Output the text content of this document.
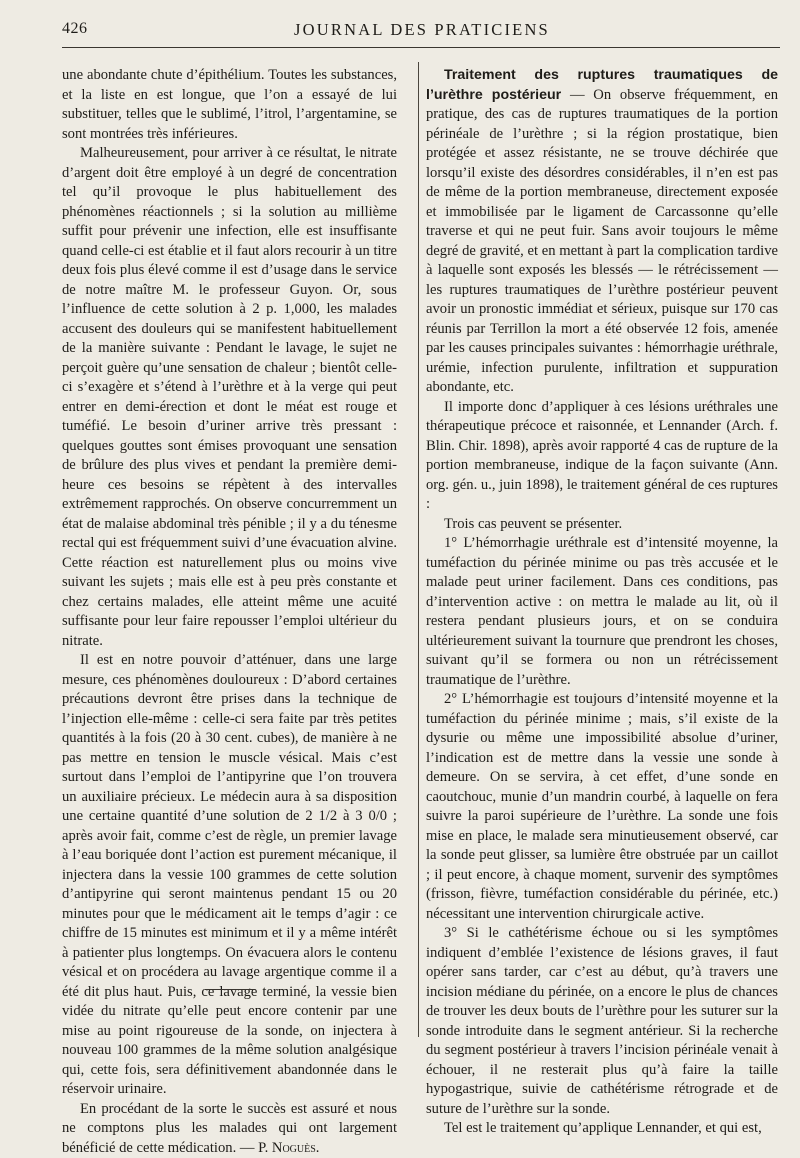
426	JOURNAL DES PRATICIENS

une abondante chute d’épithélium. Toutes les substances, et la liste en est longue, que l’on a essayé de lui substituer, telles que le sublimé, l’itrol, l’argentamine, se sont montrées très inférieures.

Malheureusement, pour arriver à ce résultat, le nitrate d’argent doit être employé à un degré de concentration tel qu’il provoque le plus habituellement des phénomènes réactionnels ; si la solution au millième suffit pour prévenir une infection, elle est insuffisante quand celle-ci est établie et il faut alors recourir à un titre deux fois plus élevé comme il est d’usage dans le service de notre maître M. le professeur Guyon. Or, sous l’influence de cette solution à 2 p. 1,000, les malades accusent des douleurs qui se manifestent habituellement de la manière suivante : Pendant le lavage, le sujet ne perçoit guère qu’une sensation de chaleur ; bientôt celle-ci s’exagère et s’étend à l’urèthre et à la verge qui peut entrer en demi-érection et dont le méat est rouge et tuméfié. Le besoin d’uriner arrive très pressant : quelques gouttes sont émises provoquant une sensation de brûlure des plus vives et pendant la première demi-heure ces besoins se répètent à des intervalles extrêmement rapprochés. On observe concurremment un état de malaise abdominal très pénible ; il y a du ténesme rectal qui est fréquemment suivi d’une évacuation alvine. Cette réaction est naturellement plus ou moins vive suivant les sujets ; mais elle est à peu près constante et chez certains malades, elle atteint même une acuité suffisante pour leur faire repousser l’emploi ultérieur du nitrate.

Il est en notre pouvoir d’atténuer, dans une large mesure, ces phénomènes douloureux : D’abord certaines précautions devront être prises dans la technique de l’injection elle-même : celle-ci sera faite par très petites quantités à la fois (20 à 30 cent. cubes), de manière à ne pas mettre en tension le muscle vésical. Mais c’est surtout dans l’emploi de l’antipyrine que l’on trouvera un auxiliaire précieux. Le médecin aura à sa disposition une certaine quantité d’une solution de 2 1/2 à 3 0/0 ; après avoir fait, comme c’est de règle, un premier lavage à l’eau boriquée dont l’action est purement mécanique, il injectera dans la vessie 100 grammes de cette solution d’antipyrine qui seront maintenus pendant 15 ou 20 minutes pour que le médicament ait le temps d’agir : ce chiffre de 15 minutes est minimum et il y a même intérêt à patienter plus longtemps. On évacuera alors le contenu vésical et on procédera au lavage argentique comme il a été dit plus haut. Puis, ce lavage terminé, la vessie bien vidée du nitrate qu’elle peut encore contenir par une mise au point rigoureuse de la sonde, on injectera à nouveau 100 grammes de la même solution analgésique qui, cette fois, sera définitivement abandonnée dans le réservoir urinaire.

En procédant de la sorte le succès est assuré et nous ne comptons plus les malades qui ont largement bénéficié de cette médication. — P. Noguès.

Traitement des ruptures traumatiques de l’urèthre postérieur — On observe fréquemment, en pratique, des cas de ruptures traumatiques de la portion périnéale de l’urèthre ; si la région prostatique, bien protégée et assez résistante, ne se trouve déchirée que lorsqu’il existe des désordres considérables, il n’en est pas de même de la portion membraneuse, directement exposée et immobilisée par le ligament de Carcassonne qu’elle traverse et qui ne peut fuir. Sans avoir toujours le même degré de gravité, et en mettant à part la complication tardive à laquelle sont exposés les blessés — le rétrécissement — les ruptures traumatiques de l’urèthre postérieur peuvent avoir un pronostic immédiat et sérieux, puisque sur 170 cas réunis par Terrillon la mort a été observée 12 fois, amenée par les causes principales suivantes : hémorrhagie uréthrale, urémie, infection purulente, infiltration et suppuration abondante, etc.

Il importe donc d’appliquer à ces lésions uréthrales une thérapeutique précoce et raisonnée, et Lennander (Arch. f. Blin. Chir. 1898), après avoir rapporté 4 cas de rupture de la portion membraneuse, indique de la façon suivante (Ann. org. gén. u., juin 1898), le traitement général de ces ruptures :

Trois cas peuvent se présenter.

1° L’hémorrhagie uréthrale est d’intensité moyenne, la tuméfaction du périnée minime ou pas très accusée et le malade peut uriner facilement. Dans ces conditions, pas d’intervention active : on mettra le malade au lit, où il restera pendant plusieurs jours, et on se conduira ultérieurement suivant la tournure que prendront les choses, suivant qu’il se formera ou non un rétrécissement traumatique de l’urèthre.

2° L’hémorrhagie est toujours d’intensité moyenne et la tuméfaction du périnée minime ; mais, s’il existe de la dysurie ou même une impossibilité absolue d’uriner, l’indication est de mettre dans la vessie une sonde à demeure. On se servira, à cet effet, d’une sonde en caoutchouc, munie d’un mandrin courbé, à laquelle on fera suivre la paroi supérieure de l’urèthre. La sonde une fois mise en place, le malade sera minutieusement observé, car la sonde peut glisser, sa lumière être obstruée par un caillot ; il peut encore, à chaque moment, survenir des symptômes (frisson, fièvre, tuméfaction considérable du périnée, etc.) nécessitant une intervention chirurgicale active.

3° Si le cathétérisme échoue ou si les symptômes indiquent d’emblée l’existence de lésions graves, il faut opérer sans tarder, car c’est au début, qu’à travers une incision médiane du périnée, on a encore le plus de chances de trouver les deux bouts de l’urèthre pour les suturer sur la sonde introduite dans le segment antérieur. Si la recherche du segment postérieur à travers l’incision périnéale venait à échouer, il ne resterait plus qu’à faire la taille hypogastrique, suivie de cathétérisme rétrograde et de suture de l’urèthre sur la sonde.

Tel est le traitement qu’applique Lennander, et qui est,
